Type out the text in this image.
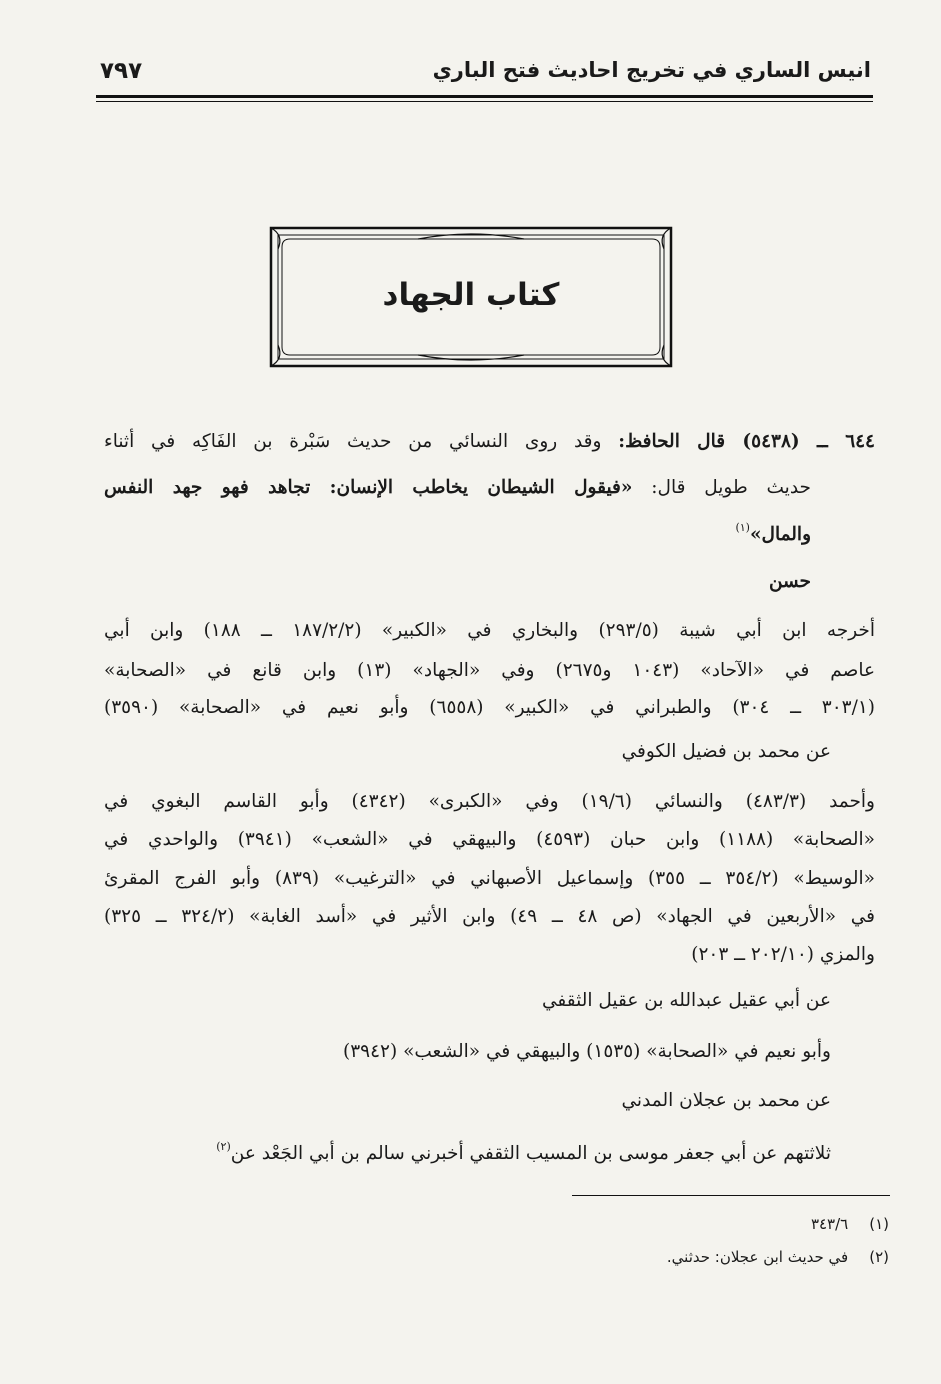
انيس الساري في تخريج احاديث فتح الباري
٧٩٧
كتاب الجهاد
٦٤٤ ــ (٥٤٣٨) قال الحافظ: وقد روى النسائي من حديث سَبْرة بن الفَاكِه في أثناء
حديث طويل قال: «فيقول الشيطان يخاطب الإنسان: تجاهد فهو جهد النفس
والمال»$^{(١)}$
حسن
أخرجه ابن أبي شيبة (٢٩٣/٥) والبخاري في «الكبير» (١٨٧/٢/٢ ــ ١٨٨) وابن أبي
عاصم في «الآحاد» (١٠٤٣ و٢٦٧٥) وفي «الجهاد» (١٣) وابن قانع في «الصحابة»
(٣٠٣/١ ــ ٣٠٤) والطبراني في «الكبير» (٦٥٥٨) وأبو نعيم في «الصحابة» (٣٥٩٠)
عن محمد بن فضيل الكوفي
وأحمد (٤٨٣/٣) والنسائي (١٩/٦) وفي «الكبرى» (٤٣٤٢) وأبو القاسم البغوي في
«الصحابة» (١١٨٨) وابن حبان (٤٥٩٣) والبيهقي في «الشعب» (٣٩٤١) والواحدي في
«الوسيط» (٣٥٤/٢ ــ ٣٥٥) وإسماعيل الأصبهاني في «الترغيب» (٨٣٩) وأبو الفرج المقرئ
في «الأربعين في الجهاد» (ص ٤٨ ــ ٤٩) وابن الأثير في «أسد الغابة» (٣٢٤/٢ ــ ٣٢٥)
والمزي (٢٠٢/١٠ ــ ٢٠٣)
عن أبي عقيل عبدالله بن عقيل الثقفي
وأبو نعيم في «الصحابة» (١٥٣٥) والبيهقي في «الشعب» (٣٩٤٢)
عن محمد بن عجلان المدني
ثلاثتهم عن أبي جعفر موسى بن المسيب الثقفي أخبرني سالم بن أبي الجَعْد عن$^{(٢)}$
(١) ٣٤٣/٦
(٢) في حديث ابن عجلان: حدثني.
